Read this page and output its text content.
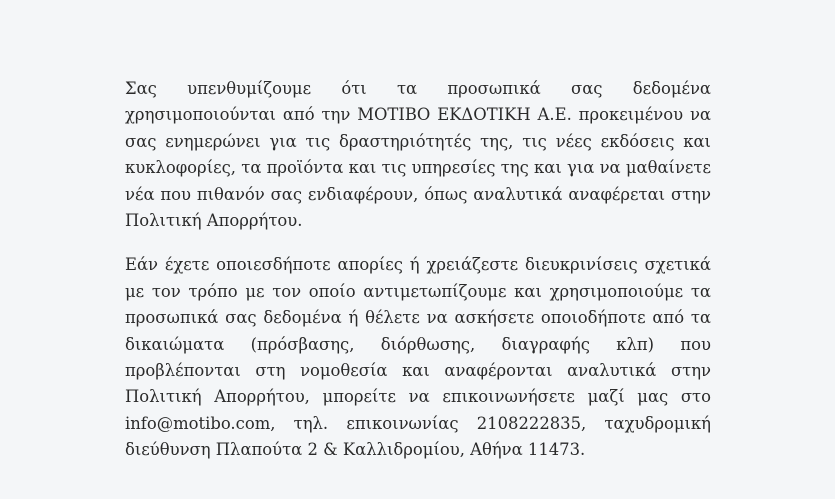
Σας υπενθυμίζουμε ότι τα προσωπικά σας δεδομένα χρησιμοποιούνται από την ΜΟΤΙΒΟ ΕΚΔΟΤΙΚΗ Α.Ε. προκειμένου να σας ενημερώνει για τις δραστηριότητές της, τις νέες εκδόσεις και κυκλοφορίες, τα προϊόντα και τις υπηρεσίες της και για να μαθαίνετε νέα που πιθανόν σας ενδιαφέρουν, όπως αναλυτικά αναφέρεται στην Πολιτική Απορρήτου.

Εάν έχετε οποιεσδήποτε απορίες ή χρειάζεστε διευκρινίσεις σχετικά με τον τρόπο με τον οποίο αντιμετωπίζουμε και χρησιμοποιούμε τα προσωπικά σας δεδομένα ή θέλετε να ασκήσετε οποιοδήποτε από τα δικαιώματα (πρόσβασης, διόρθωσης, διαγραφής κλπ) που προβλέπονται στη νομοθεσία και αναφέρονται αναλυτικά στην Πολιτική Απορρήτου, μπορείτε να επικοινωνήσετε μαζί μας στο info@motibo.com, τηλ. επικοινωνίας 2108222835, ταχυδρομική διεύθυνση Πλαπούτα 2 & Καλλιδρομίου, Αθήνα 11473.
